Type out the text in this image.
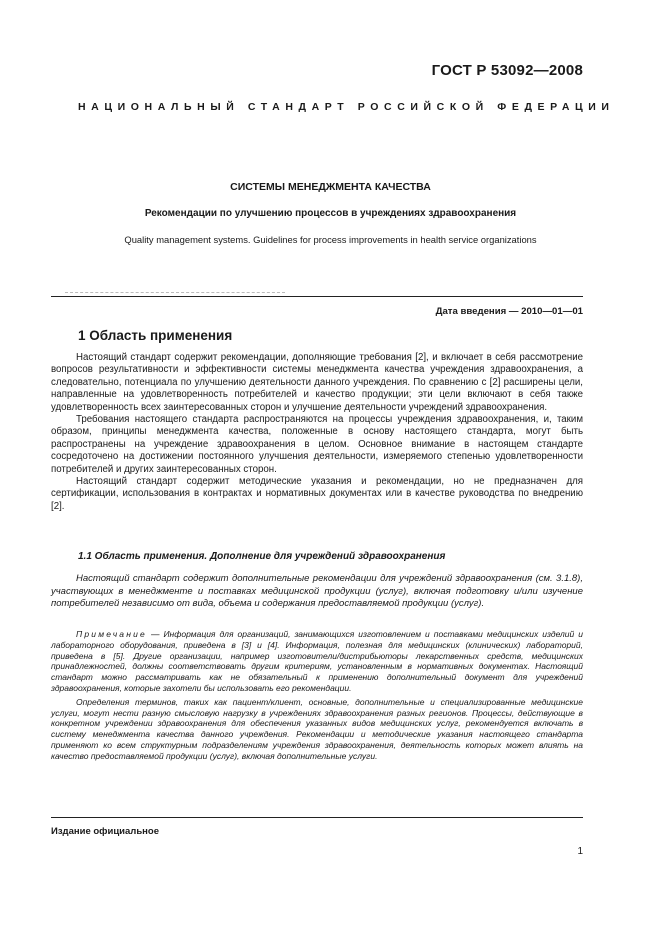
ГОСТ Р 53092—2008
НАЦИОНАЛЬНЫЙ СТАНДАРТ РОССИЙСКОЙ ФЕДЕРАЦИИ
СИСТЕМЫ МЕНЕДЖМЕНТА КАЧЕСТВА
Рекомендации по улучшению процессов в учреждениях здравоохранения
Quality management systems. Guidelines for process improvements in health service organizations
Дата введения — 2010—01—01
1 Область применения

Настоящий стандарт содержит рекомендации, дополняющие требования [2], и включает в себя рассмотрение вопросов результативности и эффективности системы менеджмента качества учреждения здравоохранения, а следовательно, потенциала по улучшению деятельности данного учреждения. По сравнению с [2] расширены цели, направленные на удовлетворенность потребителей и качество продукции; эти цели включают в себя также удовлетворенность всех заинтересованных сторон и улучшение деятельности учреждений здравоохранения.

Требования настоящего стандарта распространяются на процессы учреждения здравоохранения, и, таким образом, принципы менеджмента качества, положенные в основу настоящего стандарта, могут быть распространены на учреждение здравоохранения в целом. Основное внимание в настоящем стандарте сосредоточено на достижении постоянного улучшения деятельности, измеряемого степенью удовлетворенности потребителей и других заинтересованных сторон.

Настоящий стандарт содержит методические указания и рекомендации, но не предназначен для сертификации, использования в контрактах и нормативных документах или в качестве руководства по внедрению [2].

1.1 Область применения. Дополнение для учреждений здравоохранения

Настоящий стандарт содержит дополнительные рекомендации для учреждений здравоохранения (см. 3.1.8), участвующих в менеджменте и поставках медицинской продукции (услуг), включая подготовку и/или изучение потребителей независимо от вида, объема и содержания предоставляемой продукции (услуг).

Примечание — Информация для организаций, занимающихся изготовлением и поставками медицинских изделий и лабораторного оборудования, приведена в [3] и [4]. Информация, полезная для медицинских (клинических) лабораторий, приведена в [5]. Другие организации, например изготовители/дистрибьюторы лекарственных средств, медицинских принадлежностей, должны соответствовать другим критериям, установленным в нормативных документах. Настоящий стандарт можно рассматривать как не обязательный к применению дополнительный документ для учреждений здравоохранения, которые захотели бы использовать его рекомендации.

Определения терминов, таких как пациент/клиент, основные, дополнительные и специализированные медицинские услуги, могут нести разную смысловую нагрузку в учреждениях здравоохранения разных регионов. Процессы, действующие в конкретном учреждении здравоохранения для обеспечения указанных видов медицинских услуг, рекомендуется включать в систему менеджмента качества данного учреждения. Рекомендации и методические указания настоящего стандарта применяют ко всем структурным подразделениям учреждения здравоохранения, деятельность которых может влиять на качество предоставляемой продукции (услуг), включая дополнительные услуги.

Издание официальное
1
